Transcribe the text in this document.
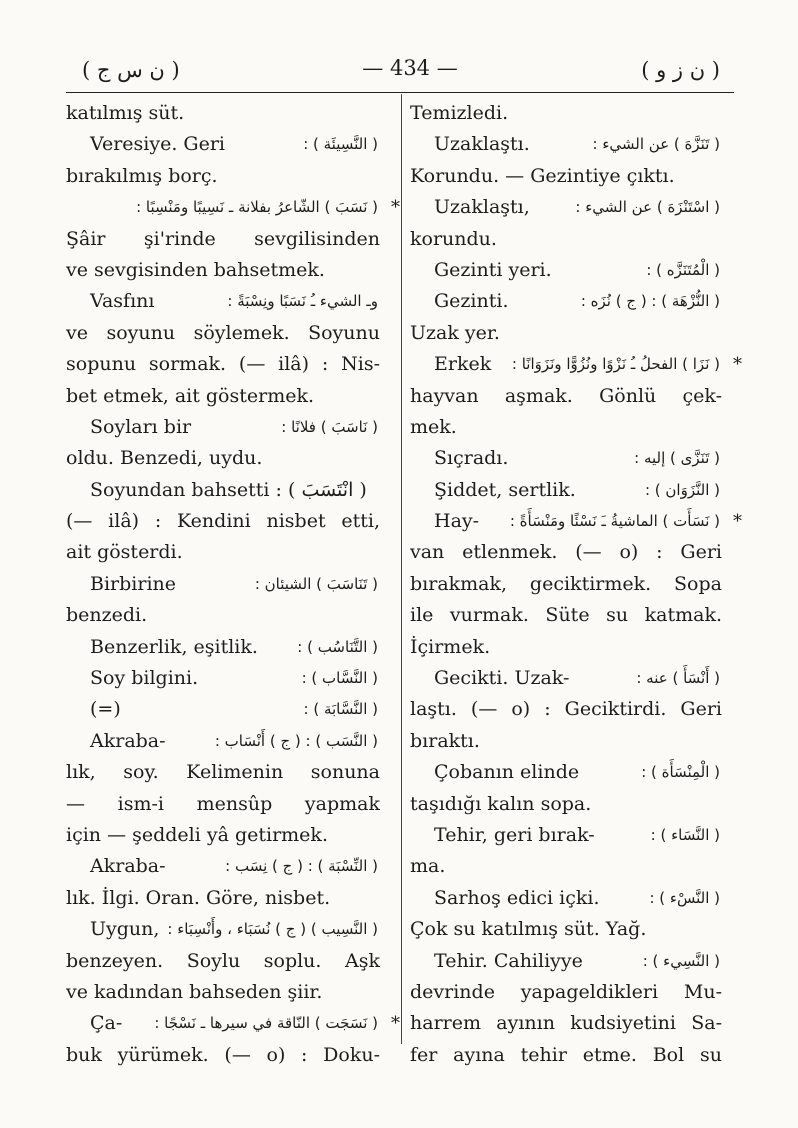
( ن س ج )	— 434 —	( ن ز و )
katılmış süt.
Veresiye. Geri	( النَّسِيئَة ) :
bırakılmış borç.
( نَسَبَ ) الشّاعرُ بفلانة ـ نَسِيبًا ومَنْسِبًا : *
Şâir şi'rinde sevgilisinden
ve sevgisinden bahsetmek.
Vasfını	وـ الشيء ـُ نَسَبًا ونِسْبَةً :
ve soyunu söylemek. Soyunu
sopunu sormak. (— ilâ) : Nis-
bet etmek, ait göstermek.
Soyları bir	( نَاسَبَ ) فلانًا :
oldu. Benzedi, uydu.
Soyundan bahsetti : ( انْتَسَبَ )
(— ilâ) : Kendini nisbet etti,
ait gösterdi.
Birbirine	( تَنَاسَبَ ) الشيئان :
benzedi.
Benzerlik, eşitlik.	( التَّنَاسُب ) :
Soy bilgini.	( النَّسَّاب ) :
(=)	( النَّسَّابَة ) :
Akraba-	( النَّسَب ) : ( ج ) أَنْسَاب :
lık, soy. Kelimenin sonuna
— ism-i mensûp yapmak
için — şeddeli yâ getirmek.
Akraba-	( النِّسْبَة ) : ( ج ) نِسَب :
lık. İlgi. Oran. Göre, nisbet.
Uygun, ( النَّسِيب ) ( ج ) نُسَبَاء ، وأَنْسِبَاء :
benzeyen. Soylu soplu. Aşk
ve kadından bahseden şiir.
Ça- ( نَسَجَت ) النّاقة في سيرها ـ نَسْجًا : *
buk yürümek. (— o) : Doku-
Temizledi.
Uzaklaştı.	( تَنَزَّهَ ) عن الشيء :
Korundu. — Gezintiye çıktı.
Uzaklaştı,	( اسْتَنْزَهَ ) عن الشيء :
korundu.
Gezinti yeri.	( الْمُتَنَزَّه ) :
Gezinti.	( النُّزْهَة ) : ( ج ) نُزَه :
Uzak yer.
Erkek ( نَزَا ) الفحلُ ـُ نَزْوًا ونُزُوًّا ونَزَوَانًا : *
hayvan aşmak. Gönlü çek-
mek.
Sıçradı.	( تَنَزَّى ) إليه :
Şiddet, sertlik.	( النَّزَوَان ) :
Hay- ( نَسَأَت ) الماشيةُ ـَ نَسْئًا ومَنْسَأَةً : *
van etlenmek. (— o) : Geri
bırakmak, geciktirmek. Sopa
ile vurmak. Süte su katmak.
İçirmek.
Gecikti. Uzak-	( أَنْسَأَ ) عنه :
laştı. (— o) : Geciktirdi. Geri
bıraktı.
Çobanın elinde	( الْمِنْسَأَة ) :
taşıdığı kalın sopa.
Tehir, geri bırak-	( النَّسَاء ) :
ma.
Sarhoş edici içki.	( النَّسْء ) :
Çok su katılmış süt. Yağ.
Tehir. Cahiliyye	( النَّسِيء ) :
devrinde yapageldikleri Mu-
harrem ayının kudsiyetini Sa-
fer ayına tehir etme. Bol su
